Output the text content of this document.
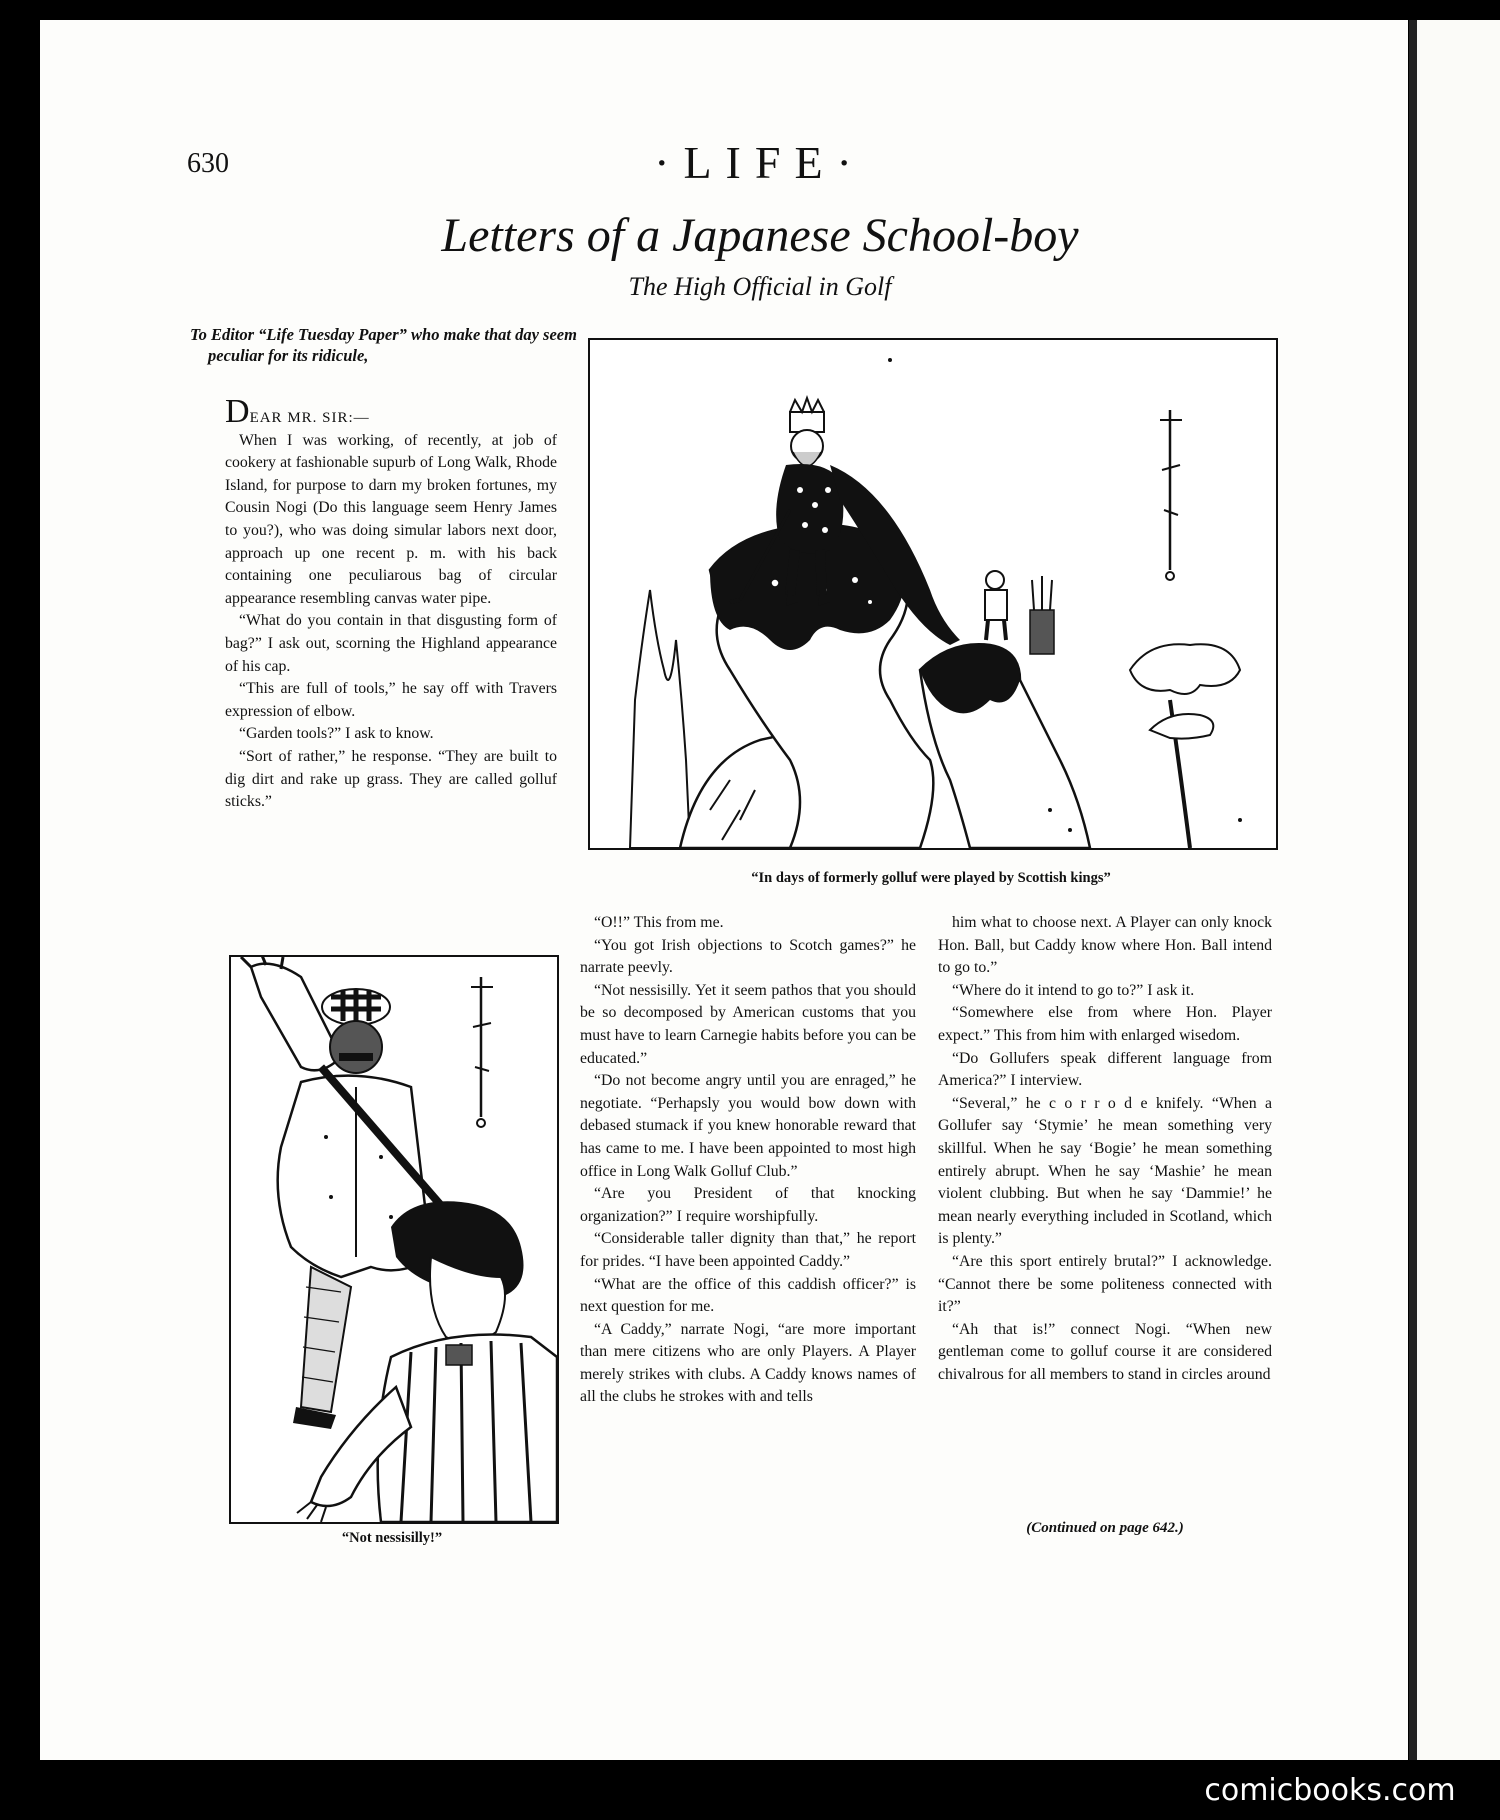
630	·LIFE·
Letters of a Japanese School-boy
The High Official in Golf
To Editor “Life Tuesday Paper” who make that day seem peculiar for its ridicule,

DEAR MR. SIR:—

When I was working, of recently, at job of cookery at fashionable supurb of Long Walk, Rhode Island, for purpose to darn my broken fortunes, my Cousin Nogi (Do this language seem Henry James to you?), who was doing simular labors next door, approach up one recent p. m. with his back containing one peculiarous bag of circular appearance resembling canvas water pipe.

“What do you contain in that disgusting form of bag?” I ask out, scorning the Highland appearance of his cap.

“This are full of tools,” he say off with Travers expression of elbow.

“Garden tools?” I ask to know.

“Sort of rather,” he response. “They are built to dig dirt and rake up grass. They are called golluf sticks.”

“O!!” This from me.

“You got Irish objections to Scotch games?” he narrate peevly.

“Not nessisilly. Yet it seem pathos that you should be so decomposed by American customs that you must have to learn Carnegie habits before you can be educated.”

“Do not become angry until you are enraged,” he negotiate. “Perhapsly you would bow down with debased stumack if you knew honorable reward that has came to me. I have been appointed to most high office in Long Walk Golluf Club.”

“Are you President of that knocking organization?” I require worshipfully.

“Considerable taller dignity than that,” he report for prides. “I have been appointed Caddy.”

“What are the office of this caddish officer?” is next question for me.

“A Caddy,” narrate Nogi, “are more important than mere citizens who are only Players. A Player merely strikes with clubs. A Caddy knows names of all the clubs he strokes with and tells

him what to choose next. A Player can only knock Hon. Ball, but Caddy know where Hon. Ball intend to go to.”

“Where do it intend to go to?” I ask it.

“Somewhere else from where Hon. Player expect.” This from him with enlarged wisedom.

“Do Gollufers speak different language from America?” I interview.

“Several,” he c o r r o d e knifely. “When a Gollufer say ‘Stymie’ he mean something very skillful. When he say ‘Bogie’ he mean something entirely abrupt. When he say ‘Mashie’ he mean violent clubbing. But when he say ‘Dammie!’ he mean nearly everything included in Scotland, which is plenty.”

“Are this sport entirely brutal?” I acknowledge. “Cannot there be some politeness connected with it?”

“Ah that is!” connect Nogi. “When new gentleman come to golluf course it are considered chivalrous for all members to stand in circles around

(Continued on page 642.)
“In days of formerly golluf were played by Scottish kings”
“Not nessisilly!”
comicbooks.com
